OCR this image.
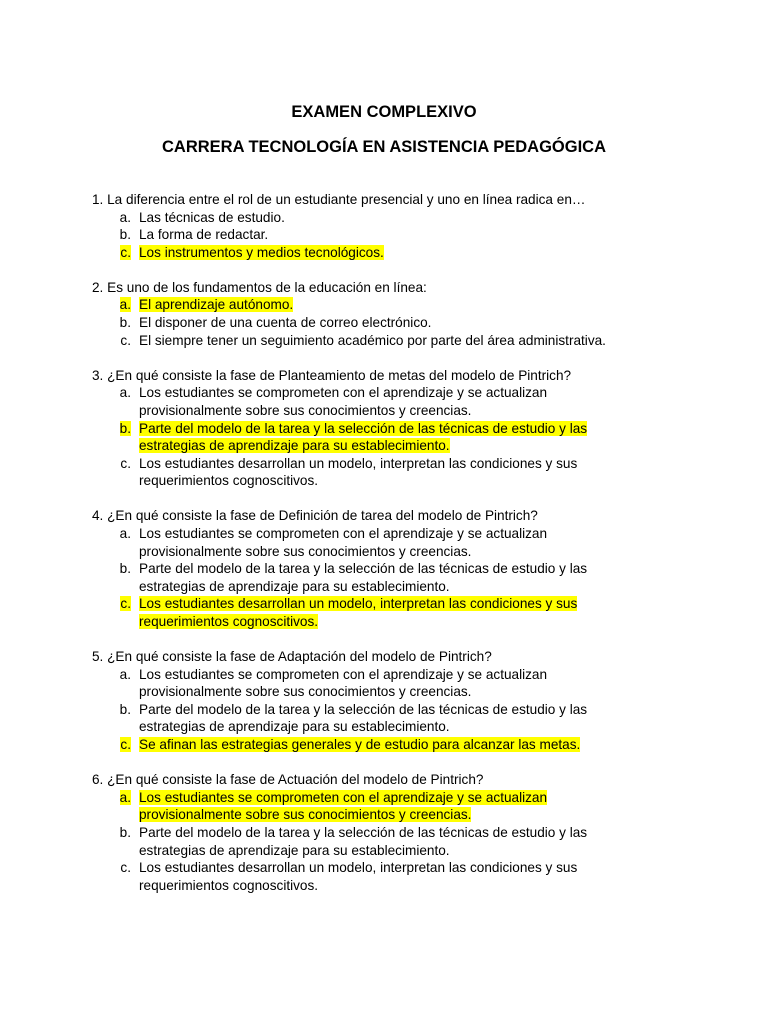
EXAMEN COMPLEXIVO
CARRERA TECNOLOGÍA EN ASISTENCIA PEDAGÓGICA

1. La diferencia entre el rol de un estudiante presencial y uno en línea radica en…

a. Las técnicas de estudio.
b. La forma de redactar.
c. Los instrumentos y medios tecnológicos.

2. Es uno de los fundamentos de la educación en línea:

a. El aprendizaje autónomo.
b. El disponer de una cuenta de correo electrónico.
c. El siempre tener un seguimiento académico por parte del área administrativa.

3. ¿En qué consiste la fase de Planteamiento de metas del modelo de Pintrich?

a. Los estudiantes se comprometen con el aprendizaje y se actualizan provisionalmente sobre sus conocimientos y creencias.
b. Parte del modelo de la tarea y la selección de las técnicas de estudio y las estrategias de aprendizaje para su establecimiento.
c. Los estudiantes desarrollan un modelo, interpretan las condiciones y sus requerimientos cognoscitivos.

4. ¿En qué consiste la fase de Definición de tarea del modelo de Pintrich?

a. Los estudiantes se comprometen con el aprendizaje y se actualizan provisionalmente sobre sus conocimientos y creencias.
b. Parte del modelo de la tarea y la selección de las técnicas de estudio y las estrategias de aprendizaje para su establecimiento.
c. Los estudiantes desarrollan un modelo, interpretan las condiciones y sus requerimientos cognoscitivos.

5. ¿En qué consiste la fase de Adaptación del modelo de Pintrich?

a. Los estudiantes se comprometen con el aprendizaje y se actualizan provisionalmente sobre sus conocimientos y creencias.
b. Parte del modelo de la tarea y la selección de las técnicas de estudio y las estrategias de aprendizaje para su establecimiento.
c. Se afinan las estrategias generales y de estudio para alcanzar las metas.

6. ¿En qué consiste la fase de Actuación del modelo de Pintrich?

a. Los estudiantes se comprometen con el aprendizaje y se actualizan provisionalmente sobre sus conocimientos y creencias.
b. Parte del modelo de la tarea y la selección de las técnicas de estudio y las estrategias de aprendizaje para su establecimiento.
c. Los estudiantes desarrollan un modelo, interpretan las condiciones y sus requerimientos cognoscitivos.
